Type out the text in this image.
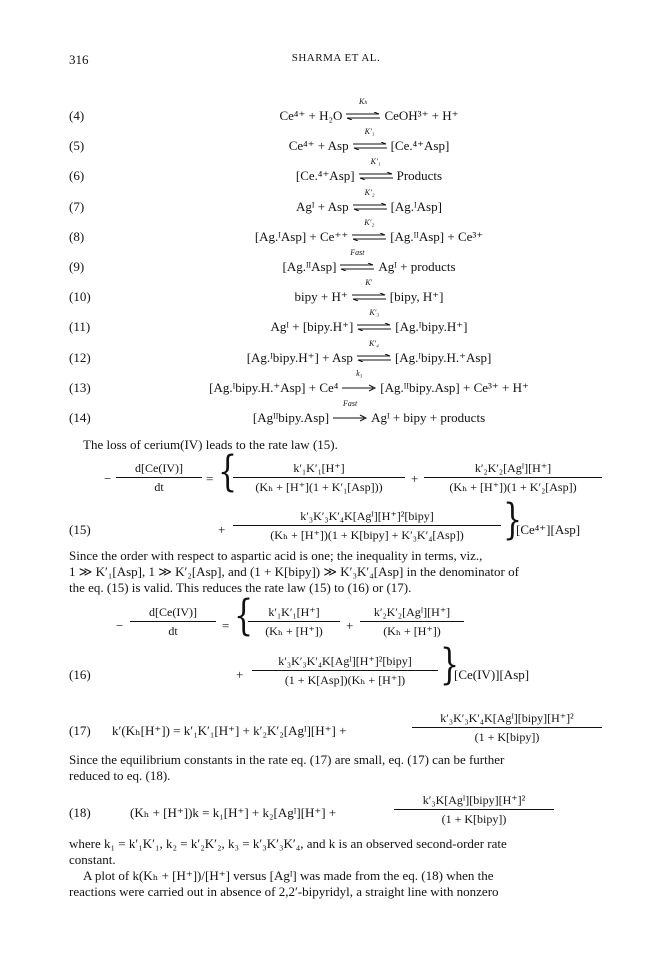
316	SHARMA ET AL.
(4)	Ce⁴⁺ + H₂O
Kₕ
CeOH³⁺ + H⁺
(5)	Ce⁴⁺ + Asp
K′₁
[Ce.⁴⁺Asp]
(6)	[Ce.⁴⁺Asp]
K′₁
Products
(7)	Agᴵ + Asp
K′₂
[Ag.ᴵAsp]
(8)	[Ag.ᴵAsp] + Ce⁺⁺
K′₂
[Ag.ᴵᴵAsp] + Ce³⁺
(9)	[Ag.ᴵᴵAsp]
Fast
Agᴵ + products
(10)	bipy + H⁺
K′
[bipy, H⁺]
(11)	Agᴵ + [bipy.H⁺]
K′₃
[Ag.ᴵbipy.H⁺]
(12)	[Ag.ᴵbipy.H⁺] + Asp
K′₄
[Ag.ᴵbipy.H.⁺Asp]
(13)	[Ag.ᴵbipy.H.⁺Asp] + Ce⁴
k₃
[Ag.ᴵᴵbipy.Asp] + Ce³⁺ + H⁺
(14)	[Agᴵᴵbipy.Asp]
Fast
Agᴵ + bipy + products
The loss of cerium(IV) leads to the rate law (15).
− $\frac{d[Ce(IV)]}{dt}$ = {	k′₁K′₁[H⁺]
(Kₕ + [H⁺](1 + K′₁[Asp]))
+
k′₂K′₂[Agᴵ][H⁺]
(Kₕ + [H⁺])(1 + K′₂[Asp])
(15)	+
k′₃K′₃K′₄K[Agᴵ][H⁺]²[bipy]
(Kₕ + [H⁺])(1 + K[bipy] + K′₃K′₄[Asp])	}
[Ce⁴⁺][Asp]
Since the order with respect to aspartic acid is one; the inequality in terms, viz.,
1 ≫ K′₁[Asp], 1 ≫ K′₂[Asp], and (1 + K[bipy]) ≫ K′₃K′₄[Asp] in the denominator of
the eq. (15) is valid. This reduces the rate law (15) to (16) or (17).
− $\frac{d[Ce(IV)]}{dt}$ = {
$\frac{\text{k′₁K′₁[H⁺]}}{\text{(Kₕ + [H⁺])}}$ +
k′₂K′₂[Agᴵ][H⁺]
(Kₕ + [H⁺])
(16)	+
k′₃K′₃K′₄K[Agᴵ][H⁺]²[bipy]
(1 + K[Asp])(Kₕ + [H⁺])	}
[Ce(IV)][Asp]
(17) k′(Kₕ[H⁺]) = k′₁K′₁[H⁺] + k′₂K′₂[Agᴵ][H⁺] +
k′₃K′₃K′₄K[Agᴵ][bipy][H⁺]²
(1 + K[bipy])
Since the equilibrium constants in the rate eq. (17) are small, eq. (17) can be further
reduced to eq. (18).
(18)	(Kₕ + [H⁺])k = k₁[H⁺] + k₂[Agᴵ][H⁺] +
k′₃K[Agᴵ][bipy][H⁺]²
(1 + K[bipy])
where k₁ = k′₁K′₁, k₂ = k′₂K′₂, k₃ = k′₃K′₃K′₄, and k is an observed second-order rate
constant.
A plot of k(Kₕ + [H⁺])/[H⁺] versus [Agᴵ] was made from the eq. (18) when the
reactions were carried out in absence of 2,2′-bipyridyl, a straight line with nonzero
